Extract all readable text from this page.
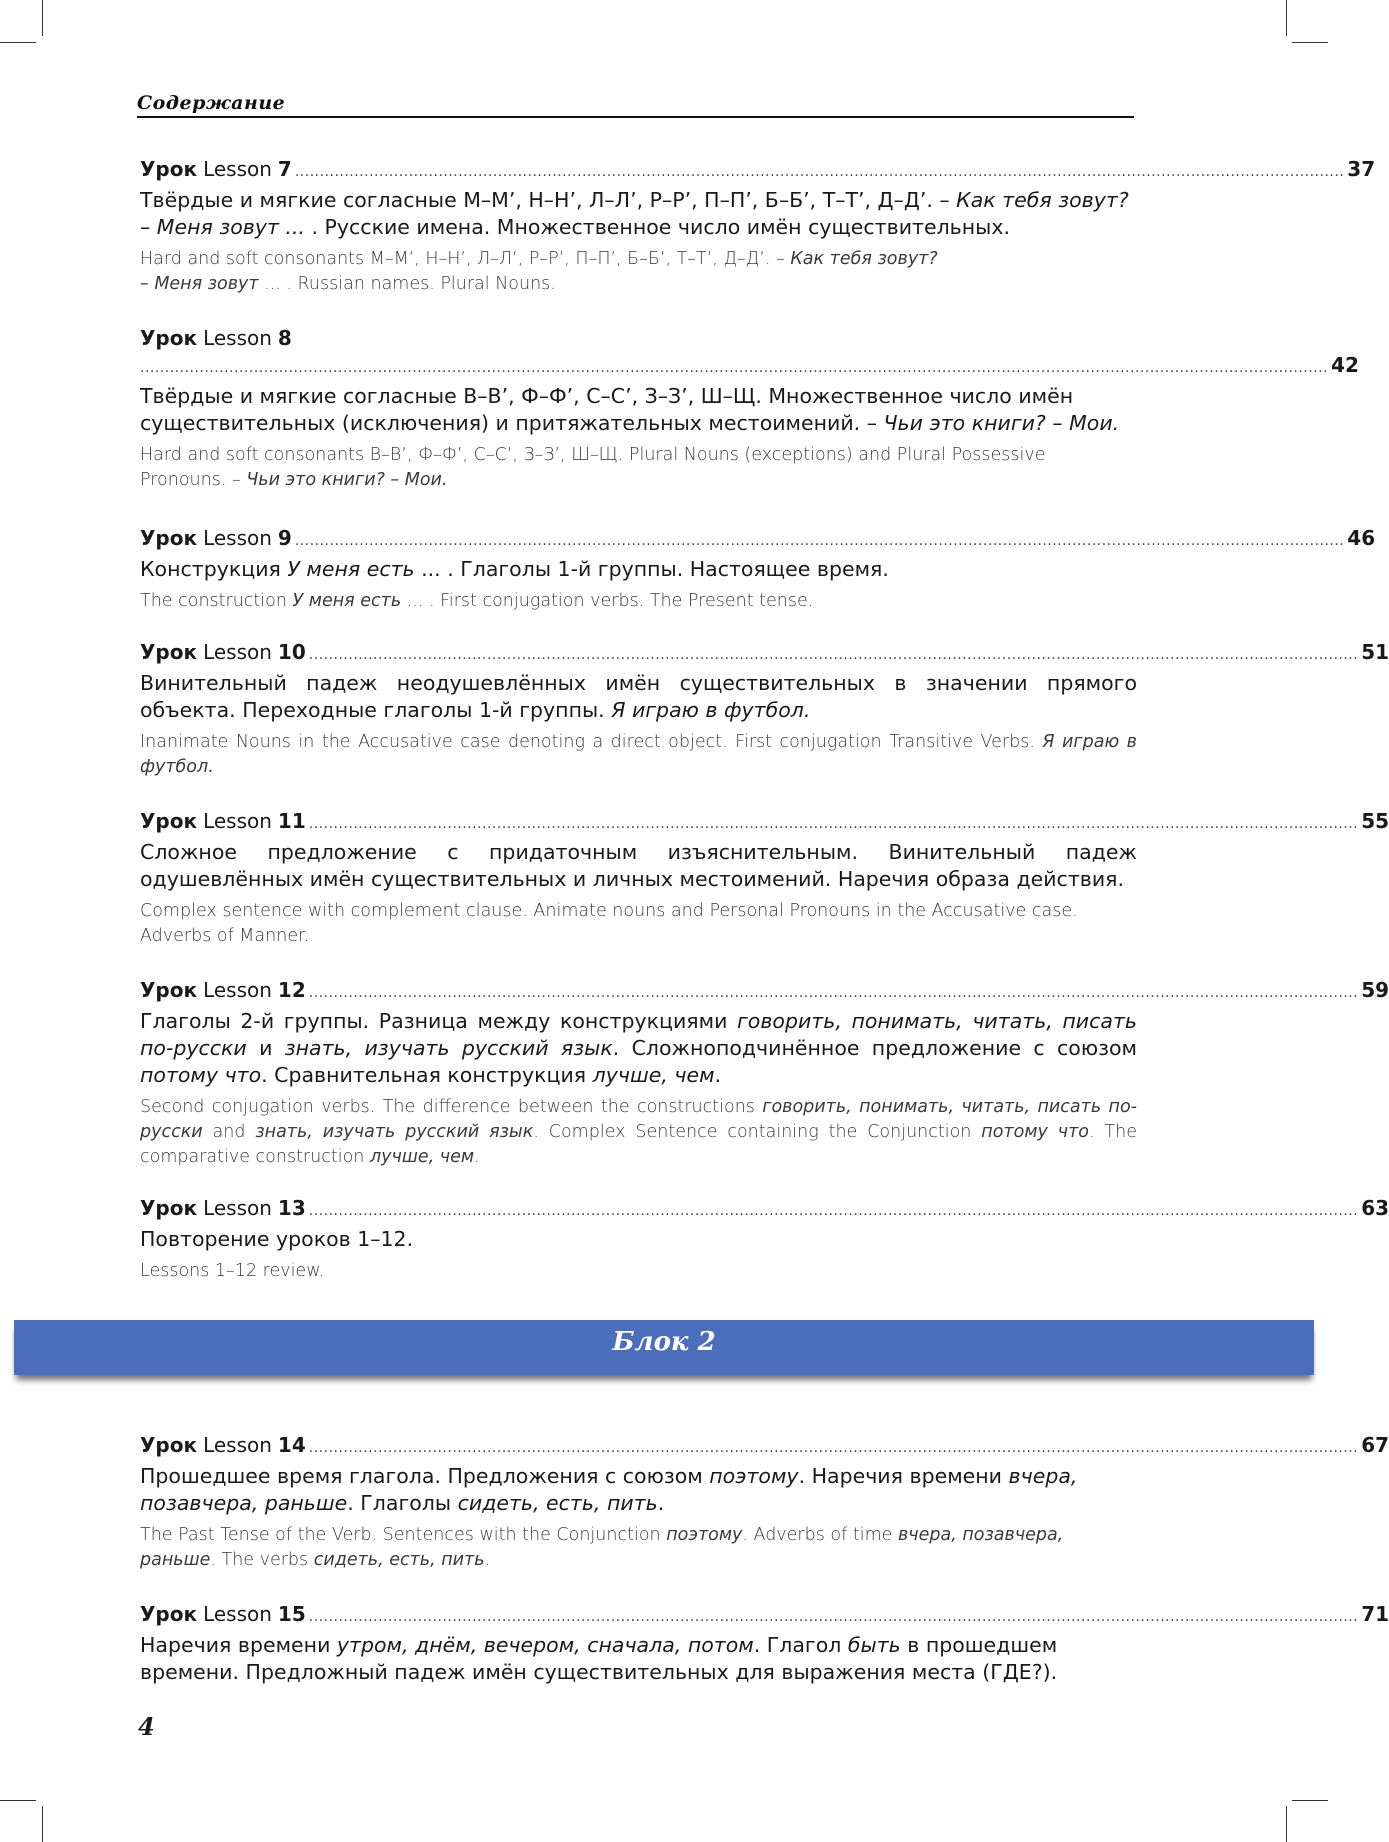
Содержание
Урок Lesson 7 .................................................................................................................................................................................................................... 37
Твёрдые и мягкие согласные М–М’, Н–Н’, Л–Л’, Р–Р’, П–П’, Б–Б’, Т–Т’, Д–Д’. – Как тебя зовут?
– Меня зовут ... . Русские имена. Множественное число имён существительных.
Hard and soft consonants М–М’, Н–Н’, Л–Л’, Р–Р’, П–П’, Б–Б’, Т–Т’, Д–Д’. – Как тебя зовут?
– Меня зовут ... . Russian names. Plural Nouns.
Урок Lesson 8
................................................................................................................................................................................................................................................ 42
Твёрдые и мягкие согласные В–В’, Ф–Ф’, С–С’, З–З’, Ш–Щ. Множественное число имён существительных (исключения) и притяжательных местоимений. – Чьи это книги? – Мои.
Hard and soft consonants В–В’, Ф–Ф’, С–С’, З–З’, Ш–Щ. Plural Nouns (exceptions) and Plural Possessive Pronouns. – Чьи это книги? – Мои.
Урок Lesson 9 .................................................................................................................................................................................................................... 46
Конструкция У меня есть ... . Глаголы 1-й группы. Настоящее время.
The construction У меня есть ... . First conjugation verbs. The Present tense.
Урок Lesson 10 .................................................................................................................................................................................................................... 51
Винительный падеж неодушевлённых имён существительных в значении прямого объекта. Переходные глаголы 1-й группы. Я играю в футбол.
Inanimate Nouns in the Accusative case denoting a direct object. First conjugation Transitive Verbs. Я играю в футбол.
Урок Lesson 11 .................................................................................................................................................................................................................... 55
Сложное предложение с придаточным изъяснительным. Винительный падеж одушевлённых имён существительных и личных местоимений. Наречия образа действия.
Complex sentence with complement clause. Animate nouns and Personal Pronouns in the Accusative case. Adverbs of Manner.
Урок Lesson 12 .................................................................................................................................................................................................................... 59
Глаголы 2-й группы. Разница между конструкциями говорить, понимать, читать, писать по-русски и знать, изучать русский язык. Сложноподчинённое предложение с союзом потому что. Сравнительная конструкция лучше, чем.
Second conjugation verbs. The difference between the constructions говорить, понимать, читать, писать по-русски and знать, изучать русский язык. Complex Sentence containing the Conjunction потому что. The comparative construction лучше, чем.
Урок Lesson 13 .................................................................................................................................................................................................................... 63
Повторение уроков 1–12.
Lessons 1–12 review.
Блок 2
Урок Lesson 14 .................................................................................................................................................................................................................... 67
Прошедшее время глагола. Предложения с союзом поэтому. Наречия времени вчера, позавчера, раньше. Глаголы сидеть, есть, пить.
The Past Tense of the Verb. Sentences with the Conjunction поэтому. Adverbs of time вчера, позавчера, раньше. The verbs сидеть, есть, пить.
Урок Lesson 15 .................................................................................................................................................................................................................... 71
Наречия времени утром, днём, вечером, сначала, потом. Глагол быть в прошедшем времени. Предложный падеж имён существительных для выражения места (ГДЕ?).
4
